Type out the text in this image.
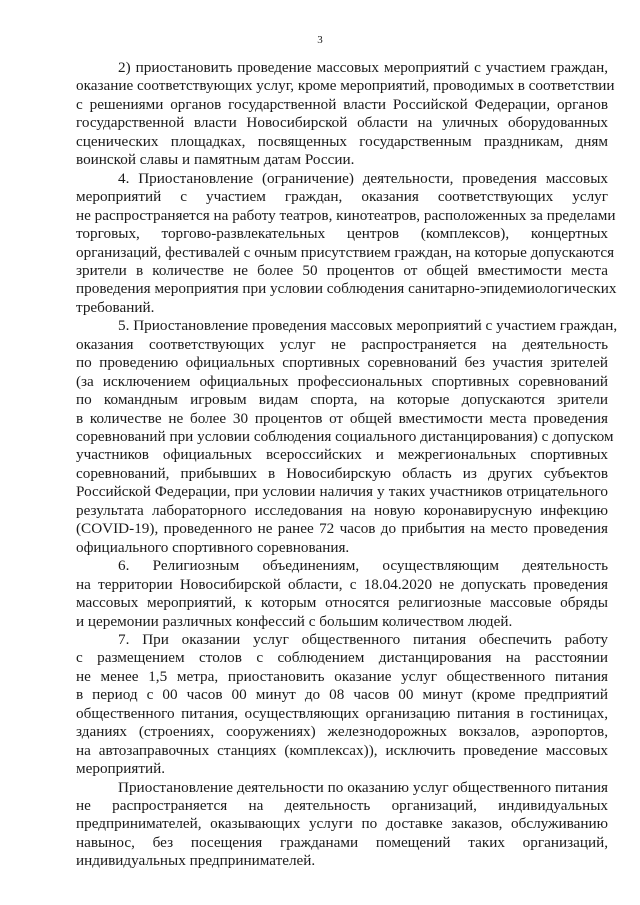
3
2) приостановить проведение массовых мероприятий с участием граждан,
оказание соответствующих услуг, кроме мероприятий, проводимых в соответствии
с решениями органов государственной власти Российской Федерации, органов
государственной власти Новосибирской области на уличных оборудованных
сценических площадках, посвященных государственным праздникам, дням
воинской славы и памятным датам России.
4. Приостановление (ограничение) деятельности, проведения массовых
мероприятий с участием граждан, оказания соответствующих услуг
не распространяется на работу театров, кинотеатров, расположенных за пределами
торговых, торгово-развлекательных центров (комплексов), концертных
организаций, фестивалей с очным присутствием граждан, на которые допускаются
зрители в количестве не более 50 процентов от общей вместимости места
проведения мероприятия при условии соблюдения санитарно-эпидемиологических
требований.
5. Приостановление проведения массовых мероприятий с участием граждан,
оказания соответствующих услуг не распространяется на деятельность
по проведению официальных спортивных соревнований без участия зрителей
(за исключением официальных профессиональных спортивных соревнований
по командным игровым видам спорта, на которые допускаются зрители
в количестве не более 30 процентов от общей вместимости места проведения
соревнований при условии соблюдения социального дистанцирования) с допуском
участников официальных всероссийских и межрегиональных спортивных
соревнований, прибывших в Новосибирскую область из других субъектов
Российской Федерации, при условии наличия у таких участников отрицательного
результата лабораторного исследования на новую коронавирусную инфекцию
(COVID-19), проведенного не ранее 72 часов до прибытия на место проведения
официального спортивного соревнования.
6. Религиозным объединениям, осуществляющим деятельность
на территории Новосибирской области, с 18.04.2020 не допускать проведения
массовых мероприятий, к которым относятся религиозные массовые обряды
и церемонии различных конфессий с большим количеством людей.
7. При оказании услуг общественного питания обеспечить работу
с размещением столов с соблюдением дистанцирования на расстоянии
не менее 1,5 метра, приостановить оказание услуг общественного питания
в период с 00 часов 00 минут до 08 часов 00 минут (кроме предприятий
общественного питания, осуществляющих организацию питания в гостиницах,
зданиях (строениях, сооружениях) железнодорожных вокзалов, аэропортов,
на автозаправочных станциях (комплексах)), исключить проведение массовых
мероприятий.
Приостановление деятельности по оказанию услуг общественного питания
не распространяется на деятельность организаций, индивидуальных
предпринимателей, оказывающих услуги по доставке заказов, обслуживанию
навынос, без посещения гражданами помещений таких организаций,
индивидуальных предпринимателей.
